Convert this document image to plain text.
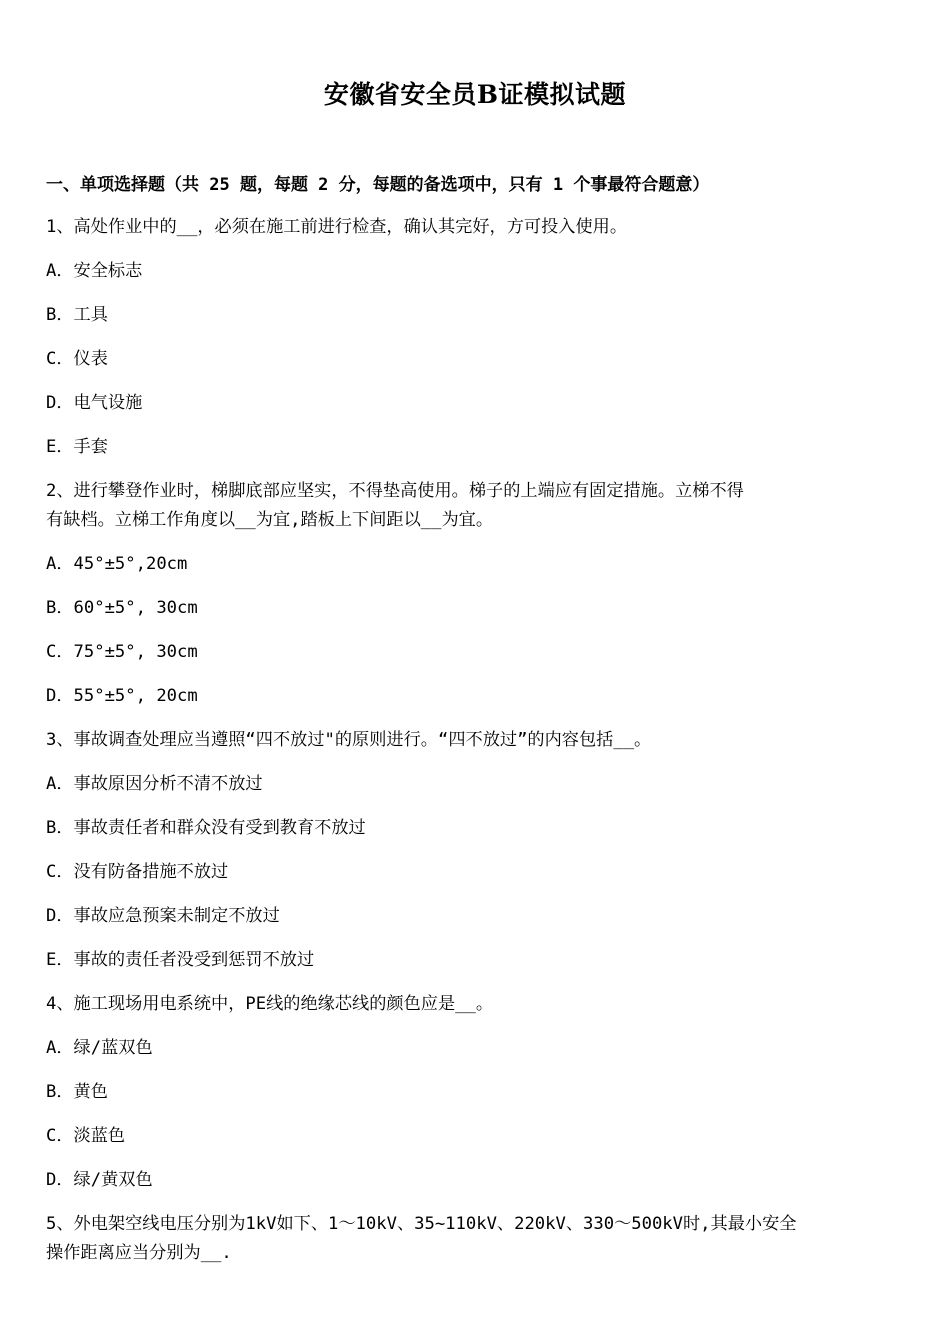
安徽省安全员B证模拟试题
一、单项选择题（共 25 题，每题 2 分，每题的备选项中，只有 1 个事最符合题意）
1、高处作业中的__，必须在施工前进行检查，确认其完好，方可投入使用。
A．安全标志
B．工具
C．仪表
D．电气设施
E．手套
2、进行攀登作业时，梯脚底部应坚实，不得垫高使用。梯子的上端应有固定措施。立梯不得
有缺档。立梯工作角度以__为宜,踏板上下间距以__为宜。
A．45°±5°,20cm
B．60°±5°, 30cm
C．75°±5°, 30cm
D．55°±5°, 20cm
3、事故调查处理应当遵照“四不放过"的原则进行。“四不放过”的内容包括__。
A．事故原因分析不清不放过
B．事故责任者和群众没有受到教育不放过
C．没有防备措施不放过
D．事故应急预案未制定不放过
E．事故的责任者没受到惩罚不放过
4、施工现场用电系统中，PE线的绝缘芯线的颜色应是__。
A．绿/蓝双色
B．黄色
C．淡蓝色
D．绿/黄双色
5、外电架空线电压分别为1kV如下、1～10kV、35~110kV、220kV、330～500kV时,其最小安全
操作距离应当分别为__.
